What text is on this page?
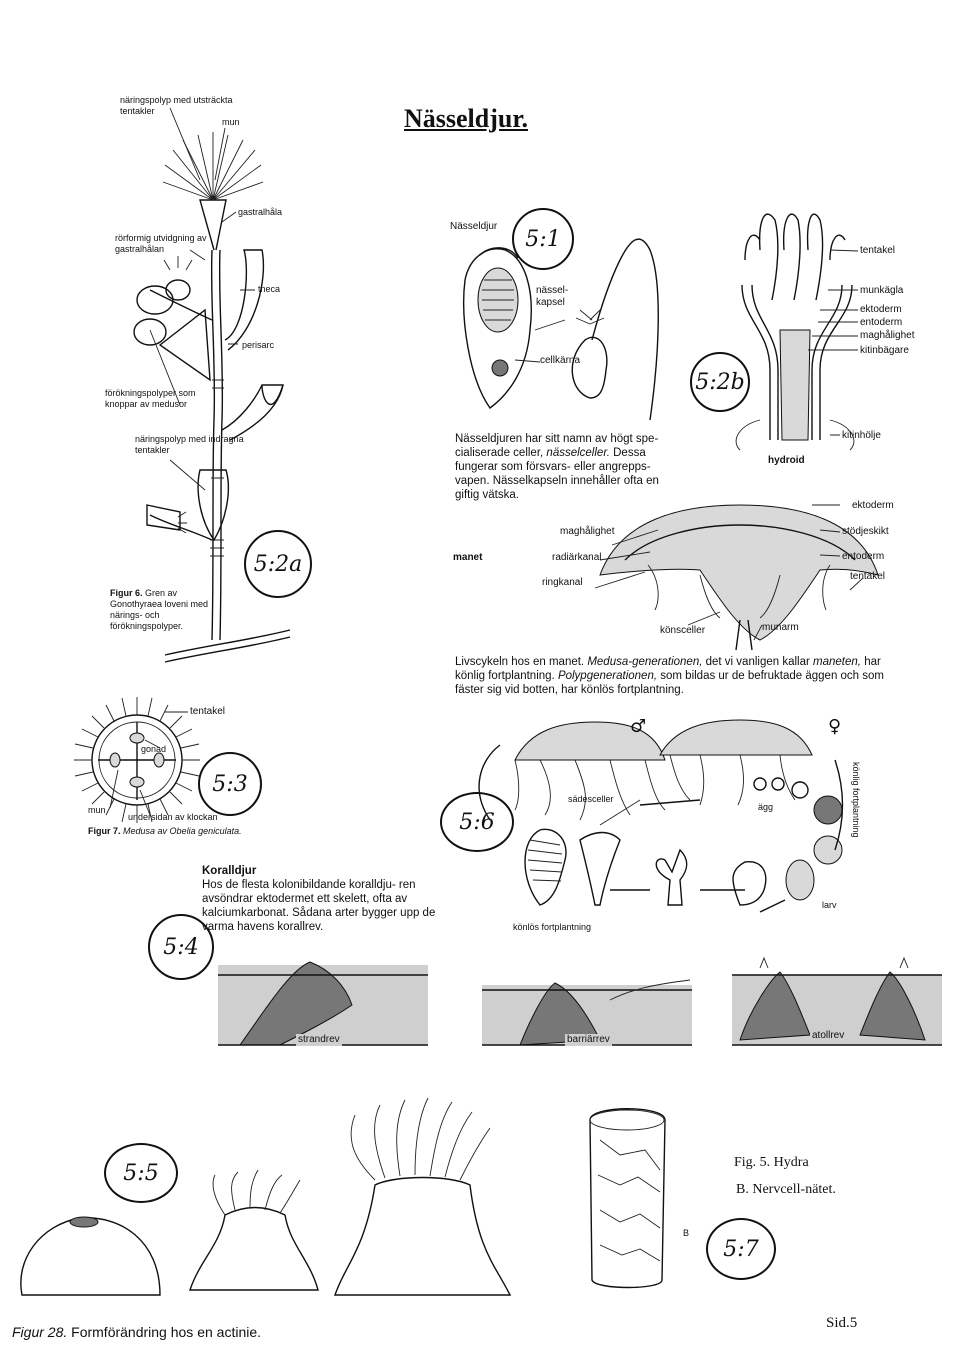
Nässeldjur.
näringspolyp med utsträckta tentakler
mun
gastralhåla
rörformig utvidgning av gastralhålan
theca
perisarc
förökningspolyper som knoppar av medusor
näringspolyp med indragna tentakler
Figur 6. Gren av Gonothyraea loveni med närings- och förökningspolyper.
5:2a
Nässeldjur	5:1
nässel- kapsel
cellkärna
Nässeldjuren har sitt namn av högt spe- cialiserade celler, nässelceller. Dessa fungerar som försvars- eller angrepps- vapen. Nässelkapseln innehåller ofta en giftig vätska.
tentakel
munkägla
ektoderm
entoderm
maghålighet
kitinbägare
kitinhölje
hydroid
5:2b
manet
ektoderm
maghålighet	stödjeskikt
radiärkanal	entoderm
ringkanal
tentakel
könsceller	munarm
Livscykeln hos en manet. Medusa-generationen, det vi vanligen kallar maneten, har könlig fortplantning. Polypgenerationen, som bildas ur de befruktade äggen och som fäster sig vid botten, har könlös fortplantning.
tentakel
gonad
mun
undersidan av klockan
Figur 7. Medusa av Obelia geniculata.
5:3
♂	♀
sädesceller
ägg	könlig fortplantning
larv
könlös fortplantning
5:6
Koralldjur
Hos de flesta kolonibildande koralldju- ren avsöndrar ektodermet ett skelett, ofta av kalciumkarbonat. Sådana arter bygger upp de varma havens korallrev.
5:4
strandrev	barriärrev	atollrev
5:5
Figur 28. Formförändring hos en actinie.
Fig. 5. Hydra
B. Nervcell-nätet.
B
5:7
Sid.5
